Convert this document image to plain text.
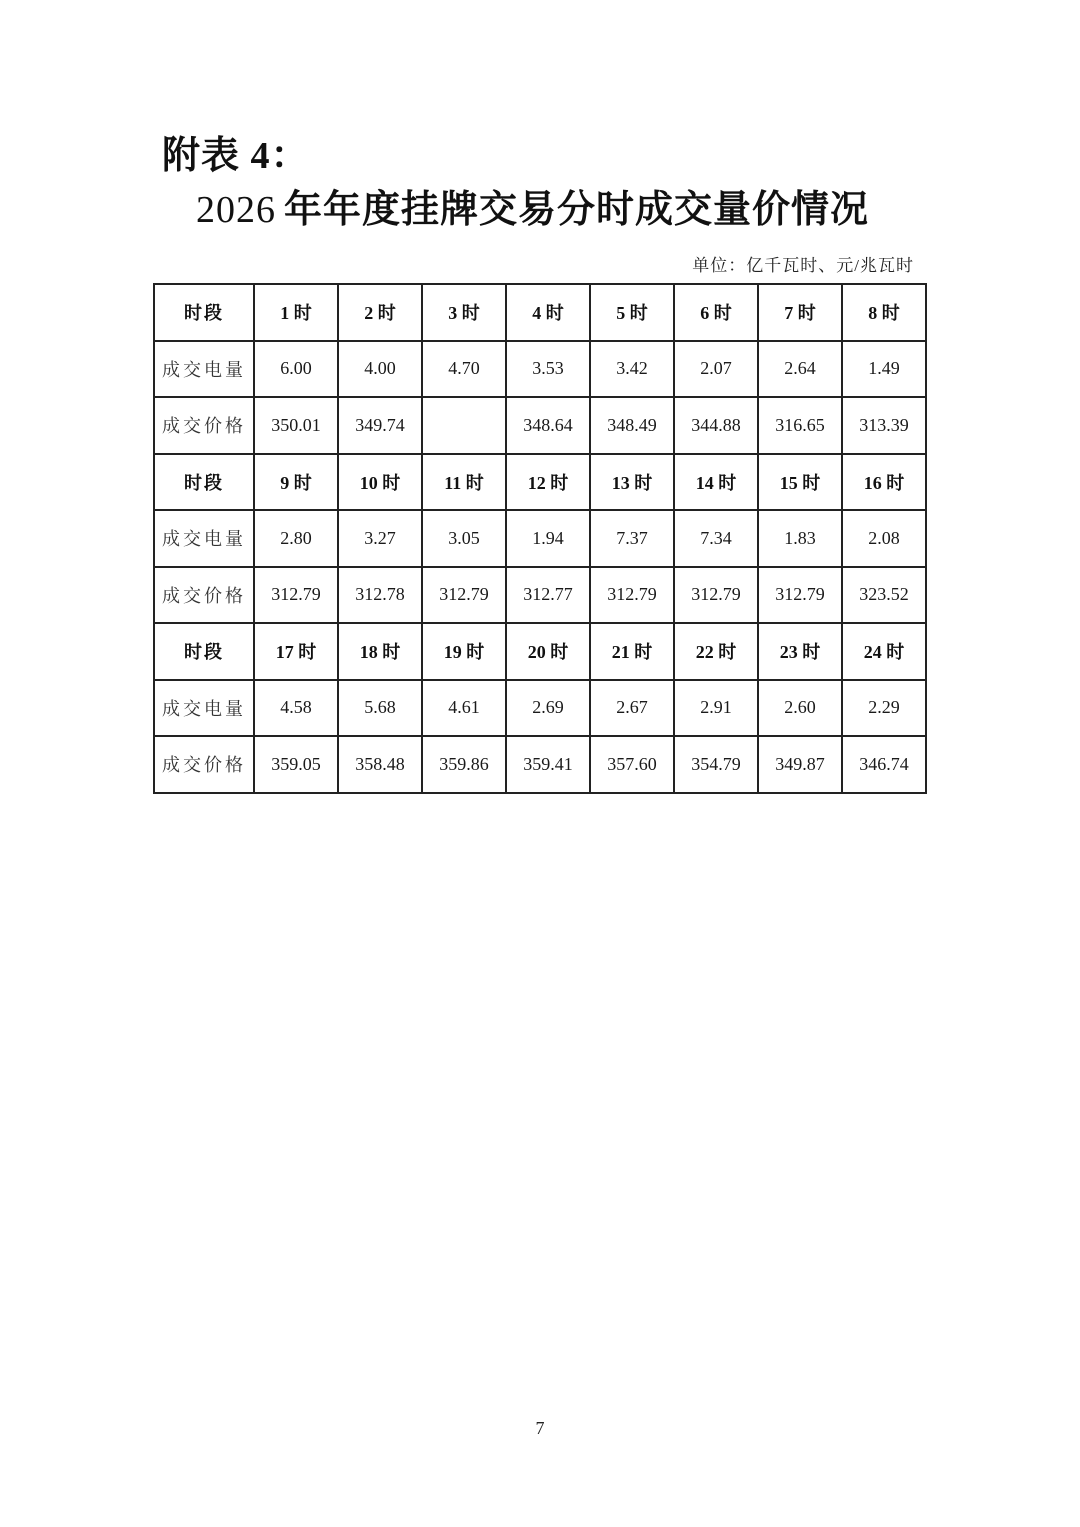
附表 4：
2026 年年度挂牌交易分时成交量价情况
单位：亿千瓦时、元/兆瓦时
时段	1 时	2 时	3 时	4 时	5 时	6 时	7 时	8 时
成交电量	6.00	4.00	4.70	3.53	3.42	2.07	2.64	1.49
成交价格	350.01	349.74		348.64	348.49	344.88	316.65	313.39
时段	9 时	10 时	11 时	12 时	13 时	14 时	15 时	16 时
成交电量	2.80	3.27	3.05	1.94	7.37	7.34	1.83	2.08
成交价格	312.79	312.78	312.79	312.77	312.79	312.79	312.79	323.52
时段	17 时	18 时	19 时	20 时	21 时	22 时	23 时	24 时
成交电量	4.58	5.68	4.61	2.69	2.67	2.91	2.60	2.29
成交价格	359.05	358.48	359.86	359.41	357.60	354.79	349.87	346.74
7
